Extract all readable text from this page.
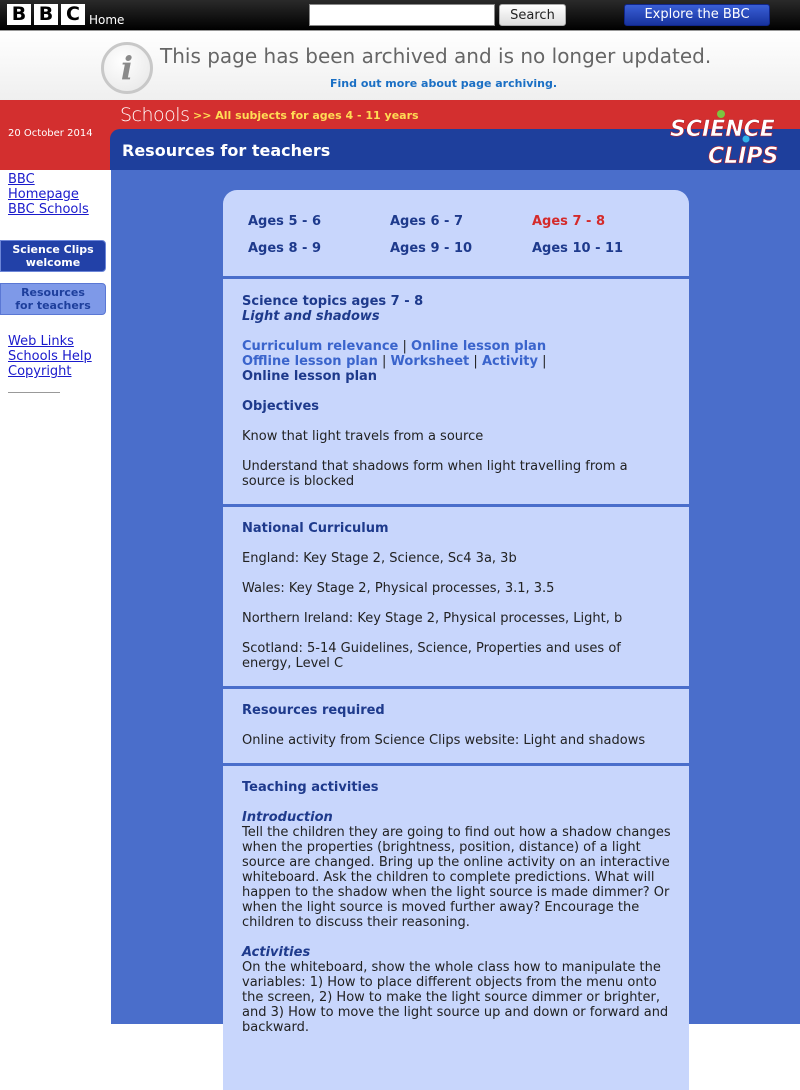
B B C Home	Search	Explore the BBC
i This page has been archived and is no longer updated.
Find out more about page archiving.
20 October 2014
Schools >> All subjects for ages 4 - 11 years
Resources for teachers
SCIENCE
CLIPS
BBC
Homepage
BBC Schools
Science Clips
welcome
Resources
for teachers
Web Links
Schools Help
Copyright
Ages 5 - 6	Ages 6 - 7	Ages 7 - 8
Ages 8 - 9	Ages 9 - 10	Ages 10 - 11
Science topics ages 7 - 8
Light and shadows
Curriculum relevance | Online lesson plan
Offline lesson plan | Worksheet | Activity |
Online lesson plan
Objectives
Know that light travels from a source
Understand that shadows form when light travelling from a source is blocked
National Curriculum
England: Key Stage 2, Science, Sc4 3a, 3b
Wales: Key Stage 2, Physical processes, 3.1, 3.5
Northern Ireland: Key Stage 2, Physical processes, Light, b
Scotland: 5-14 Guidelines, Science, Properties and uses of energy, Level C
Resources required
Online activity from Science Clips website: Light and shadows
Teaching activities
Introduction
Tell the children they are going to find out how a shadow changes when the properties (brightness, position, distance) of a light source are changed. Bring up the online activity on an interactive whiteboard. Ask the children to complete predictions. What will happen to the shadow when the light source is made dimmer? Or when the light source is moved further away? Encourage the children to discuss their reasoning.
Activities
On the whiteboard, show the whole class how to manipulate the variables: 1) How to place different objects from the menu onto the screen, 2) How to make the light source dimmer or brighter, and 3) How to move the light source up and down or forward and backward.
